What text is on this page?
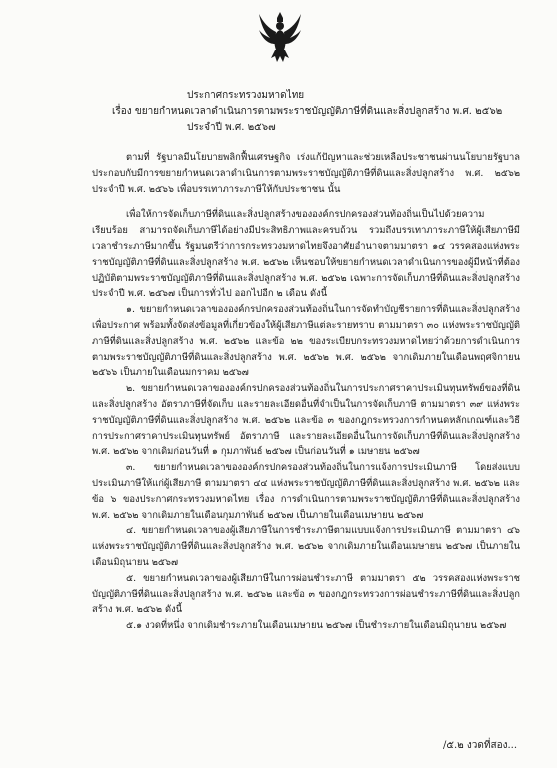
ประกาศกระทรวงมหาดไทย
เรื่อง ขยายกำหนดเวลาดำเนินการตามพระราชบัญญัติภาษีที่ดินและสิ่งปลูกสร้าง พ.ศ. ๒๕๖๒
ประจำปี พ.ศ. ๒๕๖๗

ตามที่ รัฐบาลมีนโยบายพลิกฟื้นเศรษฐกิจ เร่งแก้ปัญหาและช่วยเหลือประชาชนผ่านนโยบายรัฐบาล ประกอบกับมีการขยายกำหนดเวลาดำเนินการตามพระราชบัญญัติภาษีที่ดินและสิ่งปลูกสร้าง พ.ศ. ๒๕๖๒ ประจำปี พ.ศ. ๒๕๖๖ เพื่อบรรเทาภาระภาษีให้กับประชาชน นั้น

เพื่อให้การจัดเก็บภาษีที่ดินและสิ่งปลูกสร้างขององค์กรปกครองส่วนท้องถิ่นเป็นไปด้วยความเรียบร้อย สามารถจัดเก็บภาษีได้อย่างมีประสิทธิภาพและครบถ้วน รวมถึงบรรเทาภาระภาษีให้ผู้เสียภาษีมีเวลาชำระภาษีมากขึ้น รัฐมนตรีว่าการกระทรวงมหาดไทยจึงอาศัยอำนาจตามมาตรา ๑๔ วรรคสองแห่งพระราชบัญญัติภาษีที่ดินและสิ่งปลูกสร้าง พ.ศ. ๒๕๖๒ เห็นชอบให้ขยายกำหนดเวลาดำเนินการของผู้มีหน้าที่ต้องปฏิบัติตามพระราชบัญญัติภาษีที่ดินและสิ่งปลูกสร้าง พ.ศ. ๒๕๖๒ เฉพาะการจัดเก็บภาษีที่ดินและสิ่งปลูกสร้าง ประจำปี พ.ศ. ๒๕๖๗ เป็นการทั่วไป ออกไปอีก ๒ เดือน ดังนี้

๑. ขยายกำหนดเวลาขององค์กรปกครองส่วนท้องถิ่นในการจัดทำบัญชีรายการที่ดินและสิ่งปลูกสร้างเพื่อประกาศ พร้อมทั้งจัดส่งข้อมูลที่เกี่ยวข้องให้ผู้เสียภาษีแต่ละรายทราบ ตามมาตรา ๓๐ แห่งพระราชบัญญัติภาษีที่ดินและสิ่งปลูกสร้าง พ.ศ. ๒๕๖๒ และข้อ ๒๒ ของระเบียบกระทรวงมหาดไทยว่าด้วยการดำเนินการตามพระราชบัญญัติภาษีที่ดินและสิ่งปลูกสร้าง พ.ศ. ๒๕๖๒ พ.ศ. ๒๕๖๒ จากเดิมภายในเดือนพฤศจิกายน ๒๕๖๖ เป็นภายในเดือนมกราคม ๒๕๖๗

๒. ขยายกำหนดเวลาขององค์กรปกครองส่วนท้องถิ่นในการประกาศราคาประเมินทุนทรัพย์ของที่ดินและสิ่งปลูกสร้าง อัตราภาษีที่จัดเก็บ และรายละเอียดอื่นที่จำเป็นในการจัดเก็บภาษี ตามมาตรา ๓๙ แห่งพระราชบัญญัติภาษีที่ดินและสิ่งปลูกสร้าง พ.ศ. ๒๕๖๒ และข้อ ๓ ของกฎกระทรวงการกำหนดหลักเกณฑ์และวิธีการประกาศราคาประเมินทุนทรัพย์ อัตราภาษี และรายละเอียดอื่นในการจัดเก็บภาษีที่ดินและสิ่งปลูกสร้าง พ.ศ. ๒๕๖๒ จากเดิมก่อนวันที่ ๑ กุมภาพันธ์ ๒๕๖๗ เป็นก่อนวันที่ ๑ เมษายน ๒๕๖๗

๓. ขยายกำหนดเวลาขององค์กรปกครองส่วนท้องถิ่นในการแจ้งการประเมินภาษี โดยส่งแบบประเมินภาษีให้แก่ผู้เสียภาษี ตามมาตรา ๔๔ แห่งพระราชบัญญัติภาษีที่ดินและสิ่งปลูกสร้าง พ.ศ. ๒๕๖๒ และข้อ ๖ ของประกาศกระทรวงมหาดไทย เรื่อง การดำเนินการตามพระราชบัญญัติภาษีที่ดินและสิ่งปลูกสร้าง พ.ศ. ๒๕๖๒ จากเดิมภายในเดือนกุมภาพันธ์ ๒๕๖๗ เป็นภายในเดือนเมษายน ๒๕๖๗

๔. ขยายกำหนดเวลาของผู้เสียภาษีในการชำระภาษีตามแบบแจ้งการประเมินภาษี ตามมาตรา ๔๖ แห่งพระราชบัญญัติภาษีที่ดินและสิ่งปลูกสร้าง พ.ศ. ๒๕๖๒ จากเดิมภายในเดือนเมษายน ๒๕๖๗ เป็นภายในเดือนมิถุนายน ๒๕๖๗

๕. ขยายกำหนดเวลาของผู้เสียภาษีในการผ่อนชำระภาษี ตามมาตรา ๕๒ วรรคสองแห่งพระราชบัญญัติภาษีที่ดินและสิ่งปลูกสร้าง พ.ศ. ๒๕๖๒ และข้อ ๓ ของกฎกระทรวงการผ่อนชำระภาษีที่ดินและสิ่งปลูกสร้าง พ.ศ. ๒๕๖๒ ดังนี้

๕.๑ งวดที่หนึ่ง จากเดิมชำระภายในเดือนเมษายน ๒๕๖๗ เป็นชำระภายในเดือนมิถุนายน ๒๕๖๗

/๕.๒ งวดที่สอง...
